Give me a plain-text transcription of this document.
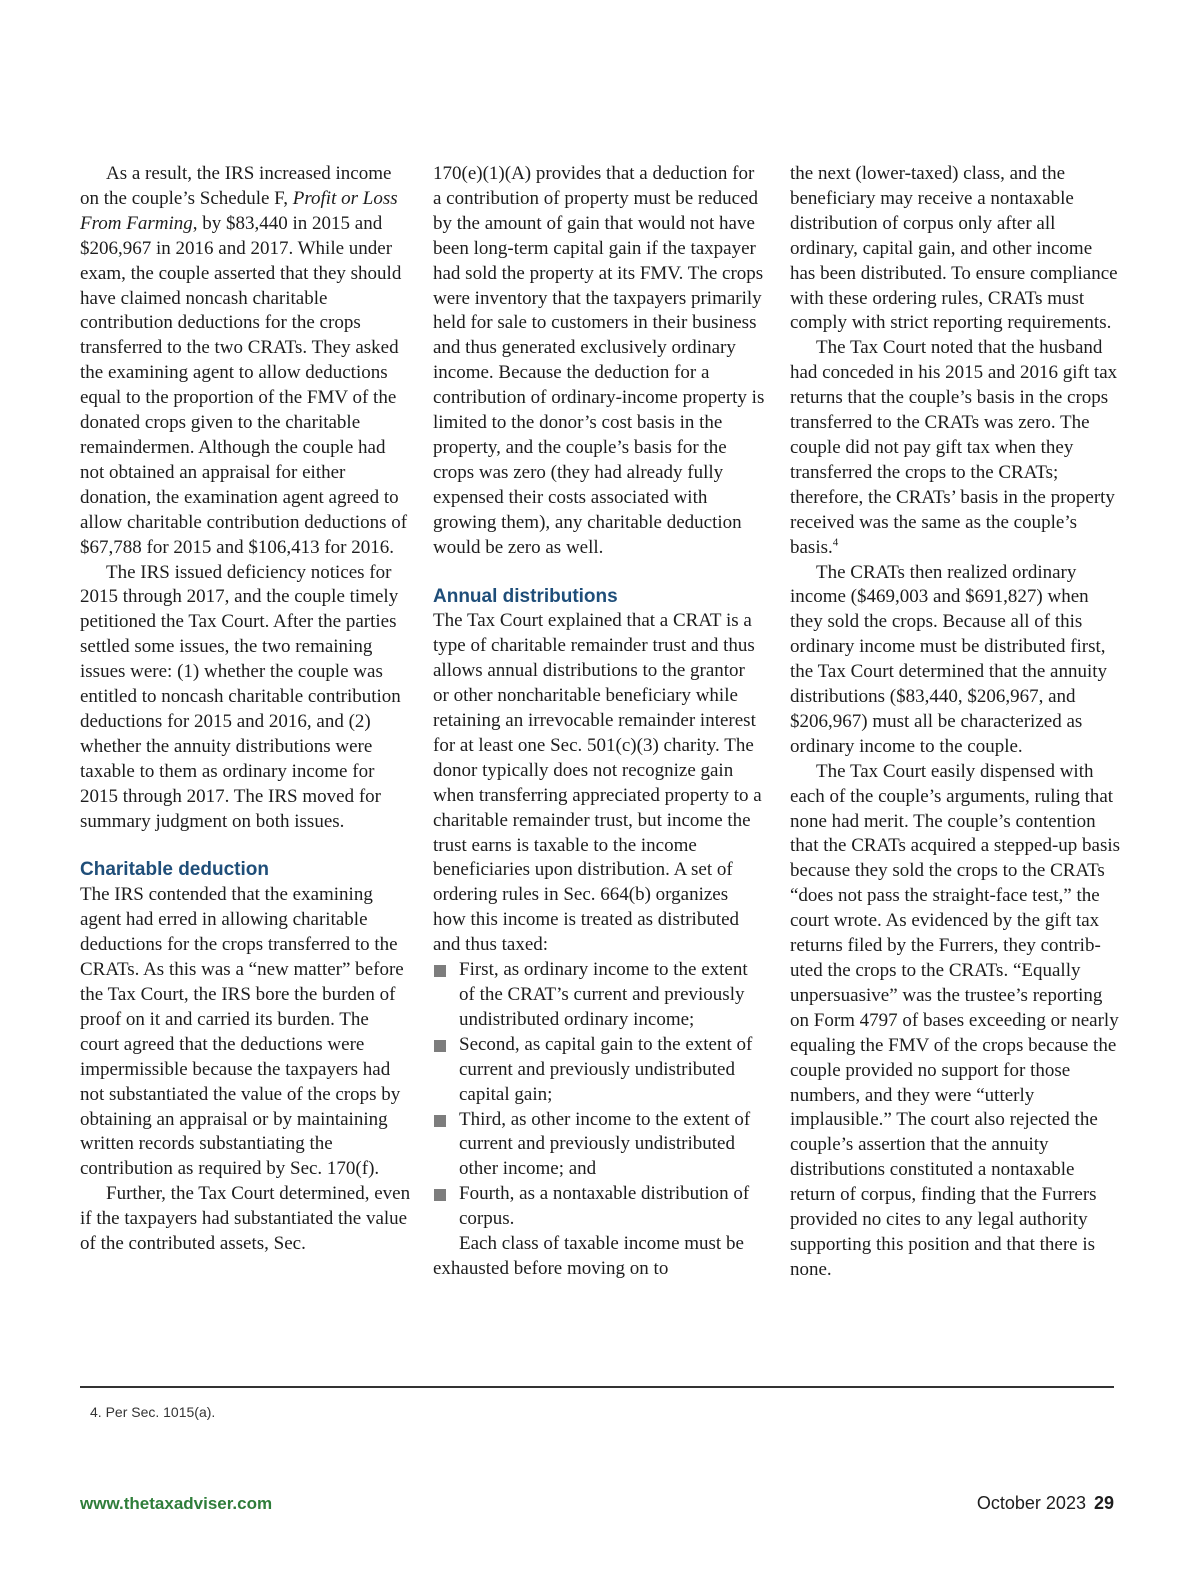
As a result, the IRS increased income on the couple’s Schedule F, Profit or Loss From Farming, by $83,440 in 2015 and $206,967 in 2016 and 2017. While under exam, the couple asserted that they should have claimed noncash charitable contribution deductions for the crops transferred to the two CRATs. They asked the examining agent to allow deductions equal to the proportion of the FMV of the donated crops given to the charitable remaindermen. Although the couple had not obtained an appraisal for either donation, the examination agent agreed to allow charitable contribution deductions of $67,788 for 2015 and $106,413 for 2016.

The IRS issued deficiency notices for 2015 through 2017, and the couple timely petitioned the Tax Court. After the parties settled some issues, the two remaining issues were: (1) whether the couple was entitled to noncash charitable contribution deductions for 2015 and 2016, and (2) whether the annuity distributions were taxable to them as ordinary income for 2015 through 2017. The IRS moved for summary judgment on both issues.

Charitable deduction

The IRS contended that the examining agent had erred in allowing charitable deductions for the crops transferred to the CRATs. As this was a “new matter” before the Tax Court, the IRS bore the burden of proof on it and carried its burden. The court agreed that the deductions were impermissible because the taxpayers had not substantiated the value of the crops by obtaining an appraisal or by maintaining written records substantiating the contribution as required by Sec. 170(f).

Further, the Tax Court determined, even if the taxpayers had substantiated the value of the contributed assets, Sec.

170(e)(1)(A) provides that a deduction for a contribution of property must be reduced by the amount of gain that would not have been long-term capital gain if the taxpayer had sold the property at its FMV. The crops were inventory that the taxpayers primarily held for sale to customers in their business and thus generated exclusively ordinary income. Because the deduction for a contribution of ordinary-income property is limited to the donor’s cost basis in the property, and the couple’s basis for the crops was zero (they had already fully expensed their costs associated with growing them), any charitable deduction would be zero as well.

Annual distributions

The Tax Court explained that a CRAT is a type of charitable remainder trust and thus allows annual distributions to the grantor or other noncharitable beneficiary while retaining an irrevocable remainder interest for at least one Sec. 501(c)(3) charity. The donor typically does not recognize gain when transferring appreciated property to a charitable remainder trust, but income the trust earns is taxable to the income beneficiaries upon distribution. A set of ordering rules in Sec. 664(b) organizes how this income is treated as distributed and thus taxed:

First, as ordinary income to the extent of the CRAT’s current and previously undistributed ordinary income;
Second, as capital gain to the extent of current and previously undistributed capital gain;
Third, as other income to the extent of current and previously undistributed other income; and
Fourth, as a nontaxable distribution of corpus.

Each class of taxable income must be exhausted before moving on to

the next (lower-taxed) class, and the beneficiary may receive a nontaxable distribution of corpus only after all ordinary, capital gain, and other income has been distributed. To ensure compliance with these ordering rules, CRATs must comply with strict reporting requirements.

The Tax Court noted that the husband had conceded in his 2015 and 2016 gift tax returns that the couple’s basis in the crops transferred to the CRATs was zero. The couple did not pay gift tax when they transferred the crops to the CRATs; therefore, the CRATs’ basis in the property received was the same as the couple’s basis.$^4$

The CRATs then realized ordinary income ($469,003 and $691,827) when they sold the crops. Because all of this ordinary income must be distributed first, the Tax Court determined that the annuity distributions ($83,440, $206,967, and $206,967) must all be characterized as ordinary income to the couple.

The Tax Court easily dispensed with each of the couple’s arguments, ruling that none had merit. The couple’s contention that the CRATs acquired a stepped-up basis because they sold the crops to the CRATs “does not pass the straight-face test,” the court wrote. As evidenced by the gift tax returns filed by the Furrers, they contributed the crops to the CRATs. “Equally unpersuasive” was the trustee’s reporting on Form 4797 of bases exceeding or nearly equaling the FMV of the crops because the couple provided no support for those numbers, and they were “utterly implausible.” The court also rejected the couple’s assertion that the annuity distributions constituted a nontaxable return of corpus, finding that the Furrers provided no cites to any legal authority supporting this position and that there is none.

4. Per Sec. 1015(a).
www.thetaxadviser.com	October 2023 29
